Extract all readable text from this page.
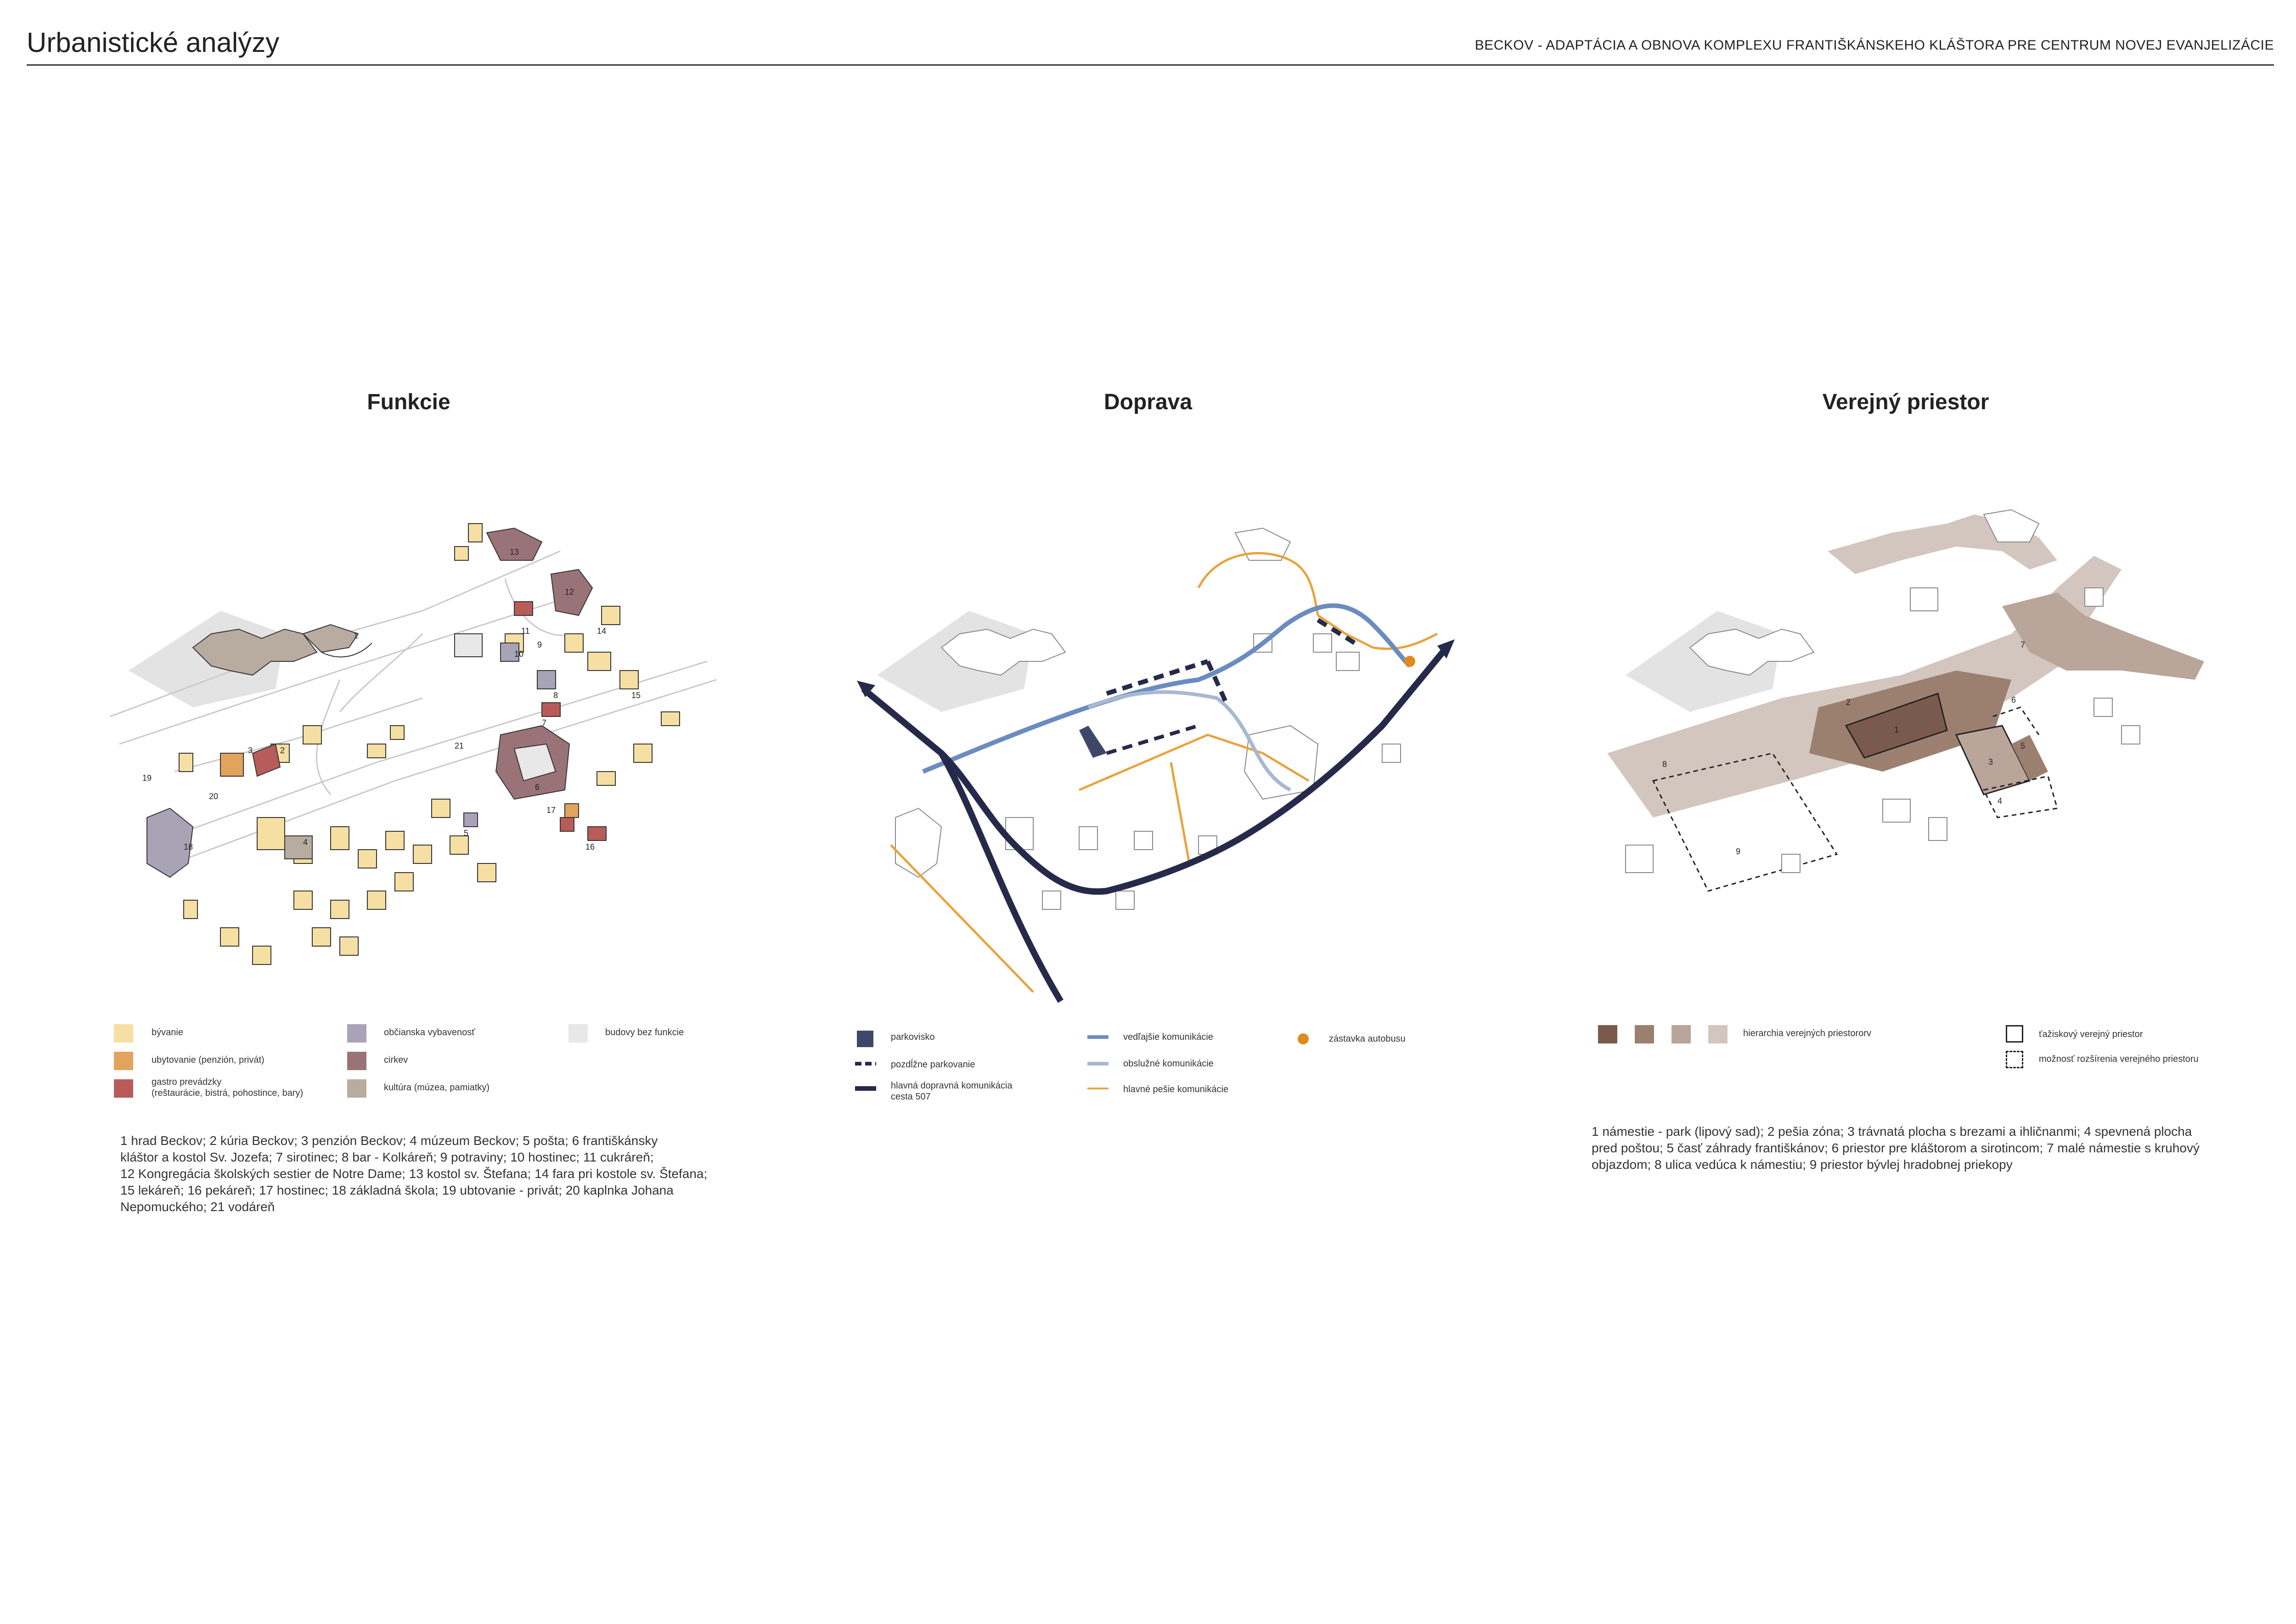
Urbanistické analýzy	BECKOV - ADAPTÁCIA A OBNOVA KOMPLEXU FRANTIŠKÁNSKEHO KLÁŠTORA PRE CENTRUM NOVEJ EVANJELIZÁCIE
Funkcie	Doprava	Verejný priestor
1
2
3
4
5
6
7
8
9
10
11
12
13
14
15
16
17
18
19
20
21
1
2
3
4
5
6
7
8
9
bývanie
ubytovanie (penzión, privát)
gastro prevádzky
(reštaurácie, bistrá, pohostince, bary)
občianska vybavenosť
cirkev
kultúra (múzea, pamiatky)
budovy bez funkcie
1 hrad Beckov; 2 kúria Beckov; 3 penzión Beckov; 4 múzeum Beckov; 5 pošta; 6 františkánsky
kláštor a kostol Sv. Jozefa; 7 sirotinec; 8 bar - Kolkáreň; 9 potraviny; 10 hostinec; 11 cukráreň;
12 Kongregácia školských sestier de Notre Dame; 13 kostol sv. Štefana; 14 fara pri kostole sv. Štefana;
15 lekáreň; 16 pekáreň; 17 hostinec; 18 základná škola; 19 ubtovanie - privát; 20 kaplnka Johana
Nepomuckého; 21 vodáreň
parkovisko
pozdĺžne parkovanie
hlavná dopravná komunikácia
cesta 507
vedľajšie komunikácie
obslužné komunikácie
hlavné pešie komunikácie
zástavka autobusu
hierarchia verejných priestororv	ťažiskový verejný priestor
možnosť rozšírenia verejného priestoru
1 námestie - park (lipový sad); 2 pešia zóna; 3 trávnatá plocha s brezami a ihličnanmi; 4 spevnená plocha
pred poštou; 5 časť záhrady františkánov; 6 priestor pre kláštorom a sirotincom; 7 malé námestie s kruhový
objazdom; 8 ulica vedúca k námestiu; 9 priestor bývlej hradobnej priekopy
